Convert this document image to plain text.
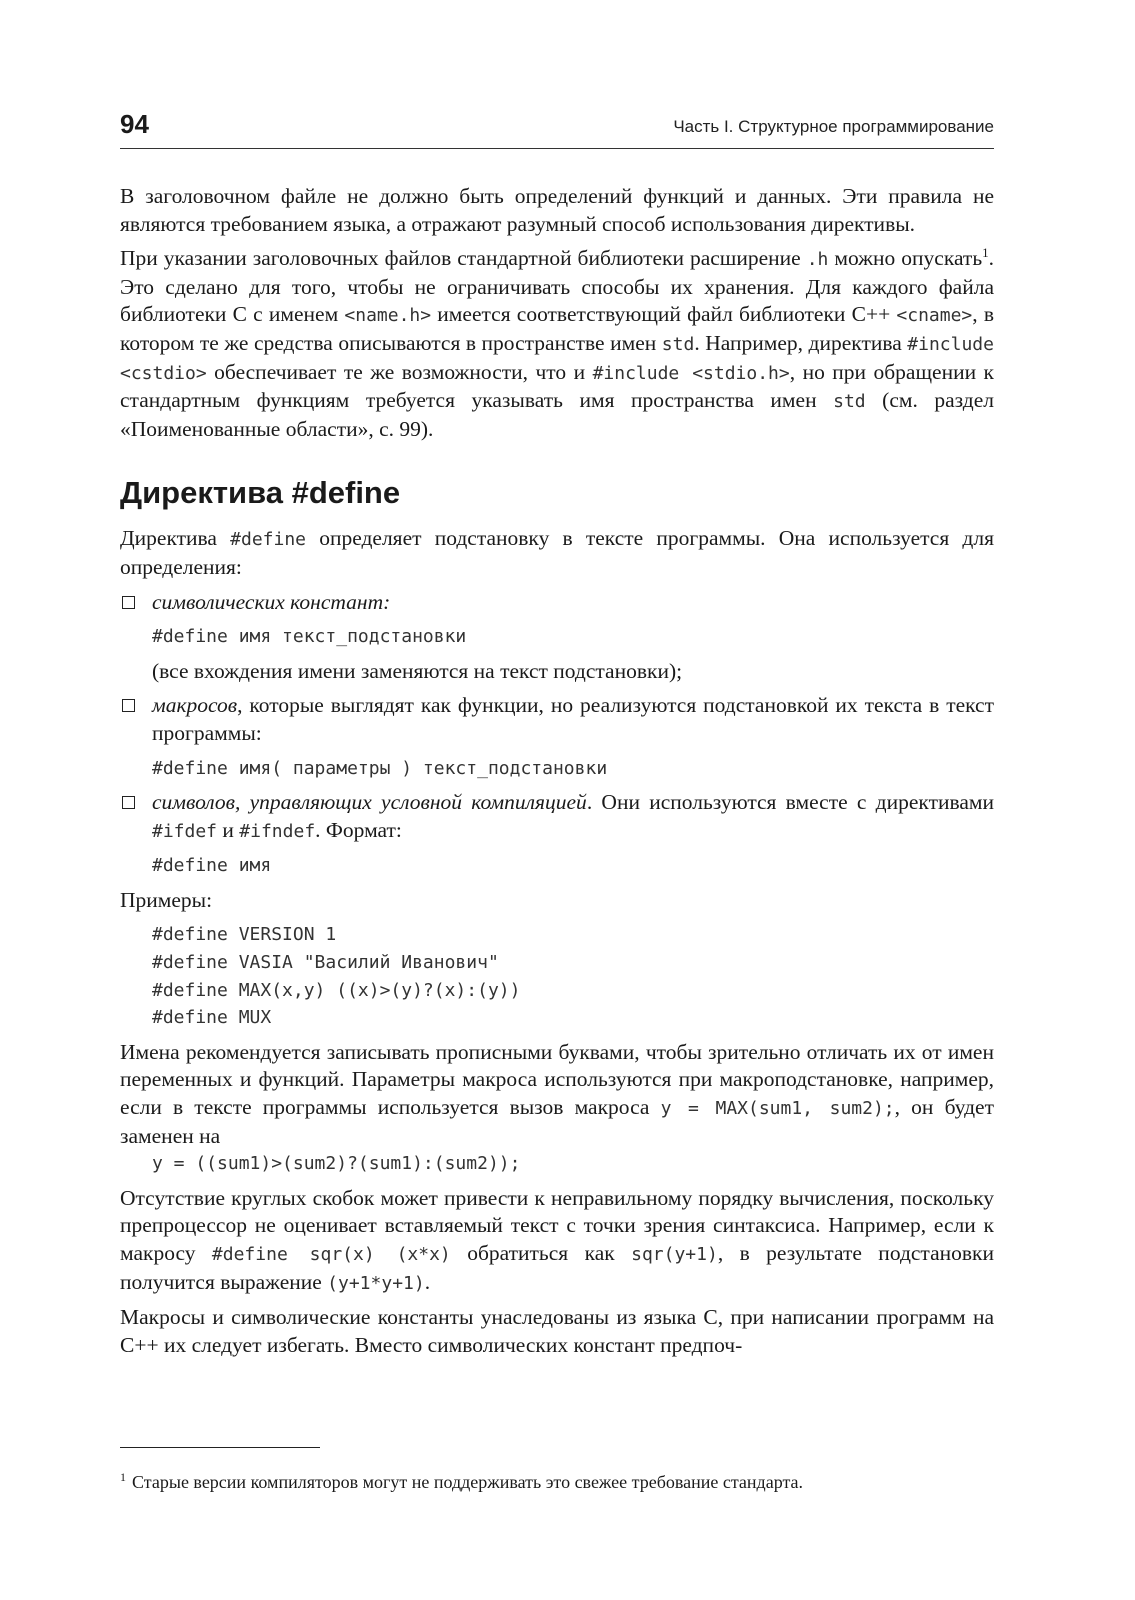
94	Часть I. Структурное программирование

В заголовочном файле не должно быть определений функций и данных. Эти правила не являются требованием языка, а отражают разумный способ использования директивы.

При указании заголовочных файлов стандартной библиотеки расширение .h можно опускать$^1$. Это сделано для того, чтобы не ограничивать способы их хранения. Для каждого файла библиотеки С с именем <name.h> имеется соответствующий файл библиотеки С++ <cname>, в котором те же средства описываются в пространстве имен std. Например, директива #include <cstdio> обеспечивает те же возможности, что и #include <stdio.h>, но при обращении к стандартным функциям требуется указывать имя пространства имен std (см. раздел «Поименованные области», с. 99).

Директива #define

Директива #define определяет подстановку в тексте программы. Она используется для определения:

символических констант:

#define имя текст_подстановки

(все вхождения имени заменяются на текст подстановки);

макросов, которые выглядят как функции, но реализуются подстановкой их текста в текст программы:

#define имя( параметры ) текст_подстановки

символов, управляющих условной компиляцией. Они используются вместе с директивами #ifdef и #ifndef. Формат:

#define имя

Примеры:

#define VERSION 1
#define VASIA "Василий Иванович"
#define MAX(x,y) ((x)>(y)?(x):(y))
#define MUX

Имена рекомендуется записывать прописными буквами, чтобы зрительно отличать их от имен переменных и функций. Параметры макроса используются при макроподстановке, например, если в тексте программы используется вызов макроса y = MAX(sum1, sum2);, он будет заменен на

y = ((sum1)>(sum2)?(sum1):(sum2));

Отсутствие круглых скобок может привести к неправильному порядку вычисления, поскольку препроцессор не оценивает вставляемый текст с точки зрения синтаксиса. Например, если к макросу #define sqr(x) (x*x) обратиться как sqr(y+1), в результате подстановки получится выражение (y+1*y+1).

Макросы и символические константы унаследованы из языка С, при написании программ на С++ их следует избегать. Вместо символических констант предпоч-

$^1$ Старые версии компиляторов могут не поддерживать это свежее требование стандарта.
